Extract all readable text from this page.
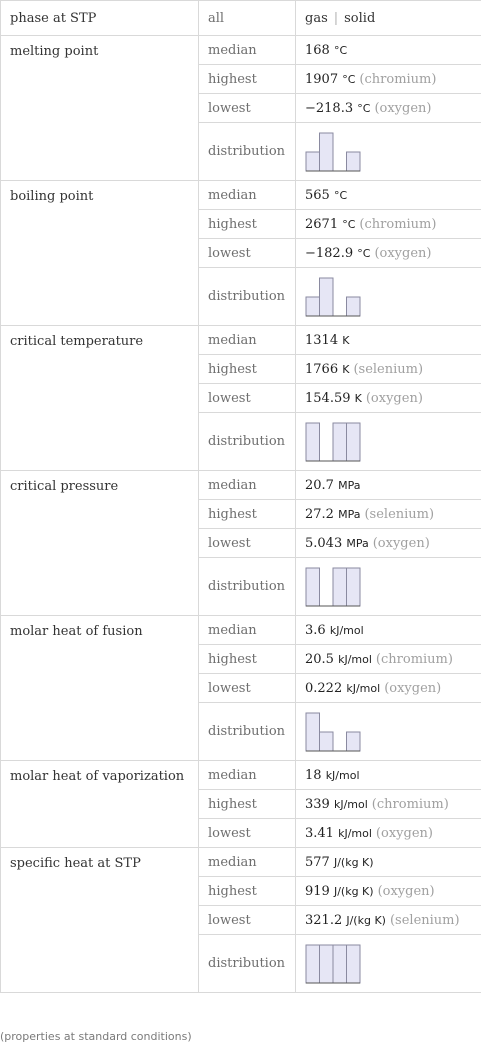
phase at STP	all	gas | solid
melting point	median	168 °C
	highest	1907 °C (chromium)
	lowest	−218.3 °C (oxygen)
	distribution	

boiling point	median	565 °C
	highest	2671 °C (chromium)
	lowest	−182.9 °C (oxygen)
	distribution	

critical temperature	median	1314 K
	highest	1766 K (selenium)
	lowest	154.59 K (oxygen)
	distribution	

critical pressure	median	20.7 MPa
	highest	27.2 MPa (selenium)
	lowest	5.043 MPa (oxygen)
	distribution	

molar heat of fusion	median	3.6 kJ/mol
	highest	20.5 kJ/mol (chromium)
	lowest	0.222 kJ/mol (oxygen)
	distribution	

molar heat of vaporization	median	18 kJ/mol
	highest	339 kJ/mol (chromium)
	lowest	3.41 kJ/mol (oxygen)
specific heat at STP	median	577 J/(kg K)
	highest	919 J/(kg K) (oxygen)
	lowest	321.2 J/(kg K) (selenium)
	distribution	
(properties at standard conditions)
